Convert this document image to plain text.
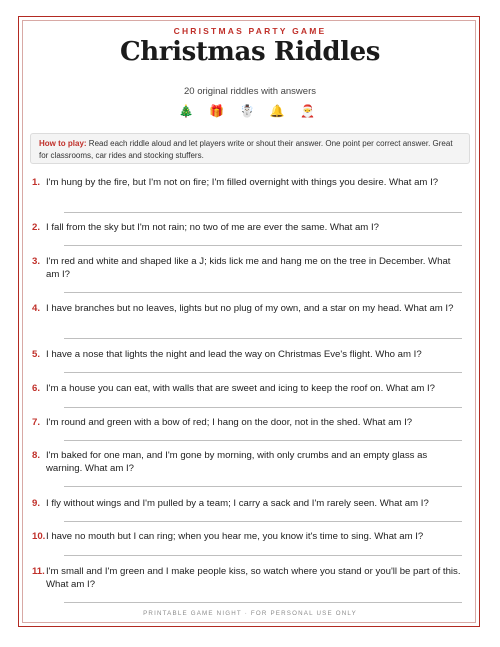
CHRISTMAS PARTY GAME
Christmas Riddles
20 original riddles with answers
🎄 🎁 ☃️ 🔔 🎅
How to play: Read each riddle aloud and let players write or shout their answer. One point per correct answer. Great for classrooms, car rides and stocking stuffers.
1. I'm hung by the fire, but I'm not on fire; I'm filled overnight with things you desire. What am I?
2. I fall from the sky but I'm not rain; no two of me are ever the same. What am I?
3. I'm red and white and shaped like a J; kids lick me and hang me on the tree in December. What am I?
4. I have branches but no leaves, lights but no plug of my own, and a star on my head. What am I?
5. I have a nose that lights the night and lead the way on Christmas Eve's flight. Who am I?
6. I'm a house you can eat, with walls that are sweet and icing to keep the roof on. What am I?
7. I'm round and green with a bow of red; I hang on the door, not in the shed. What am I?
8. I'm baked for one man, and I'm gone by morning, with only crumbs and an empty glass as warning. What am I?
9. I fly without wings and I'm pulled by a team; I carry a sack and I'm rarely seen. What am I?
10. I have no mouth but I can ring; when you hear me, you know it's time to sing. What am I?
11. I'm small and I'm green and I make people kiss, so watch where you stand or you'll be part of this. What am I?
PRINTABLE GAME NIGHT · FOR PERSONAL USE ONLY
